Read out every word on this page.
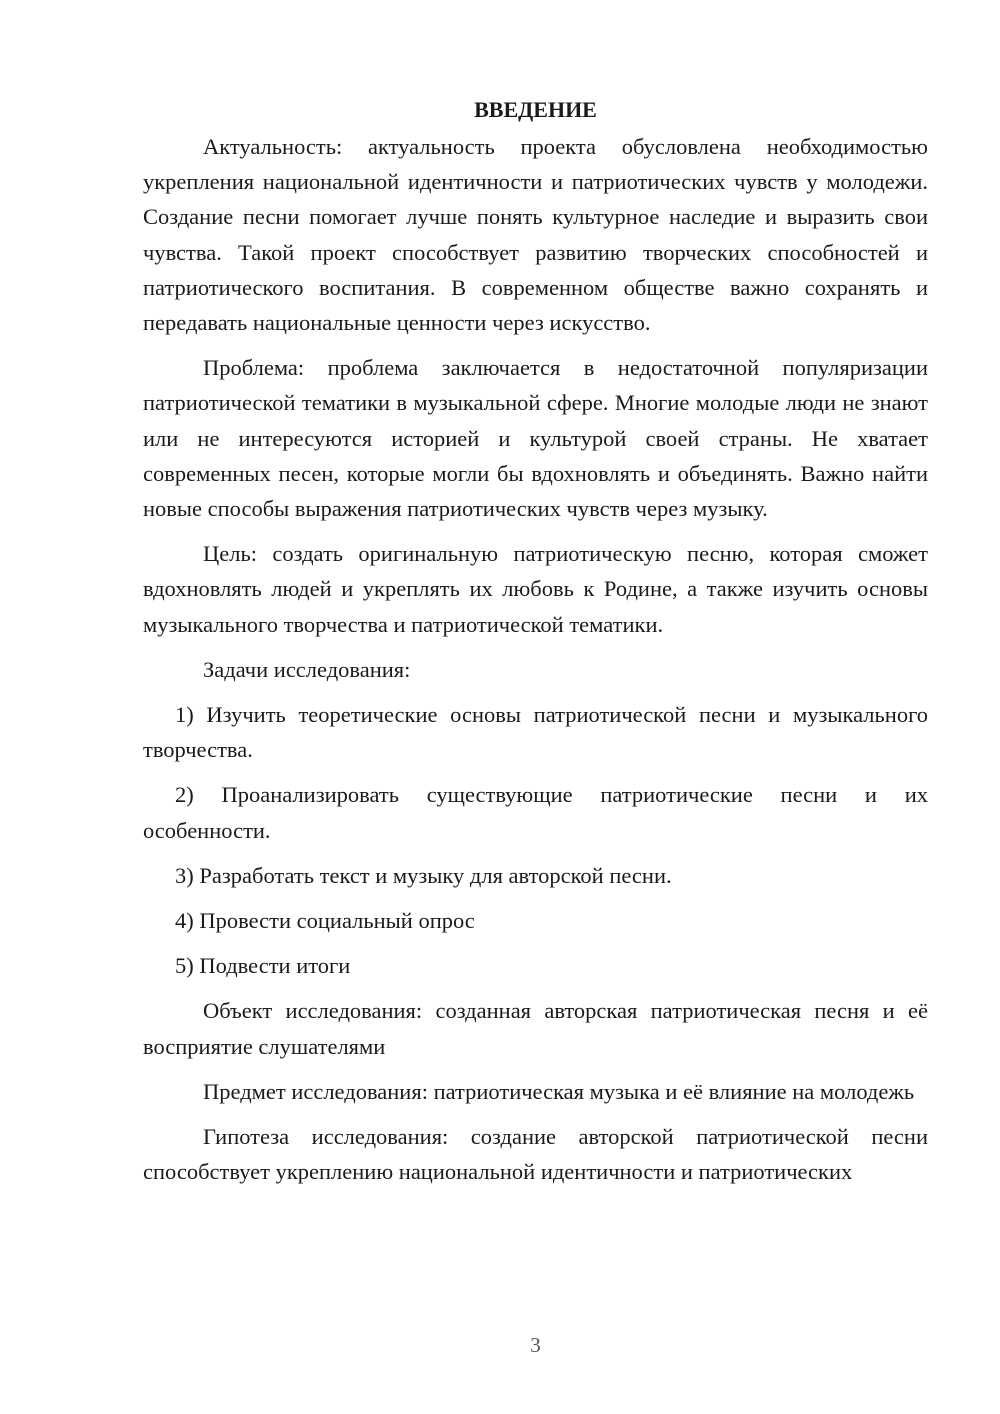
ВВЕДЕНИЕ

Актуальность: актуальность проекта обусловлена необходимостью укрепления национальной идентичности и патриотических чувств у молодежи. Создание песни помогает лучше понять культурное наследие и выразить свои чувства. Такой проект способствует развитию творческих способностей и патриотического воспитания. В современном обществе важно сохранять и передавать национальные ценности через искусство.

Проблема: проблема заключается в недостаточной популяризации патриотической тематики в музыкальной сфере. Многие молодые люди не знают или не интересуются историей и культурой своей страны. Не хватает современных песен, которые могли бы вдохновлять и объединять. Важно найти новые способы выражения патриотических чувств через музыку.

Цель: создать оригинальную патриотическую песню, которая сможет вдохновлять людей и укреплять их любовь к Родине, а также изучить основы музыкального творчества и патриотической тематики.

Задачи исследования:

1) Изучить теоретические основы патриотической песни и музыкального творчества.

2) Проанализировать существующие патриотические песни и их особенности.

3) Разработать текст и музыку для авторской песни.

4) Провести социальный опрос

5) Подвести итоги

Объект исследования: созданная авторская патриотическая песня и её восприятие слушателями

Предмет исследования: патриотическая музыка и её влияние на молодежь

Гипотеза исследования: создание авторской патриотической песни способствует укреплению национальной идентичности и патриотических

3
